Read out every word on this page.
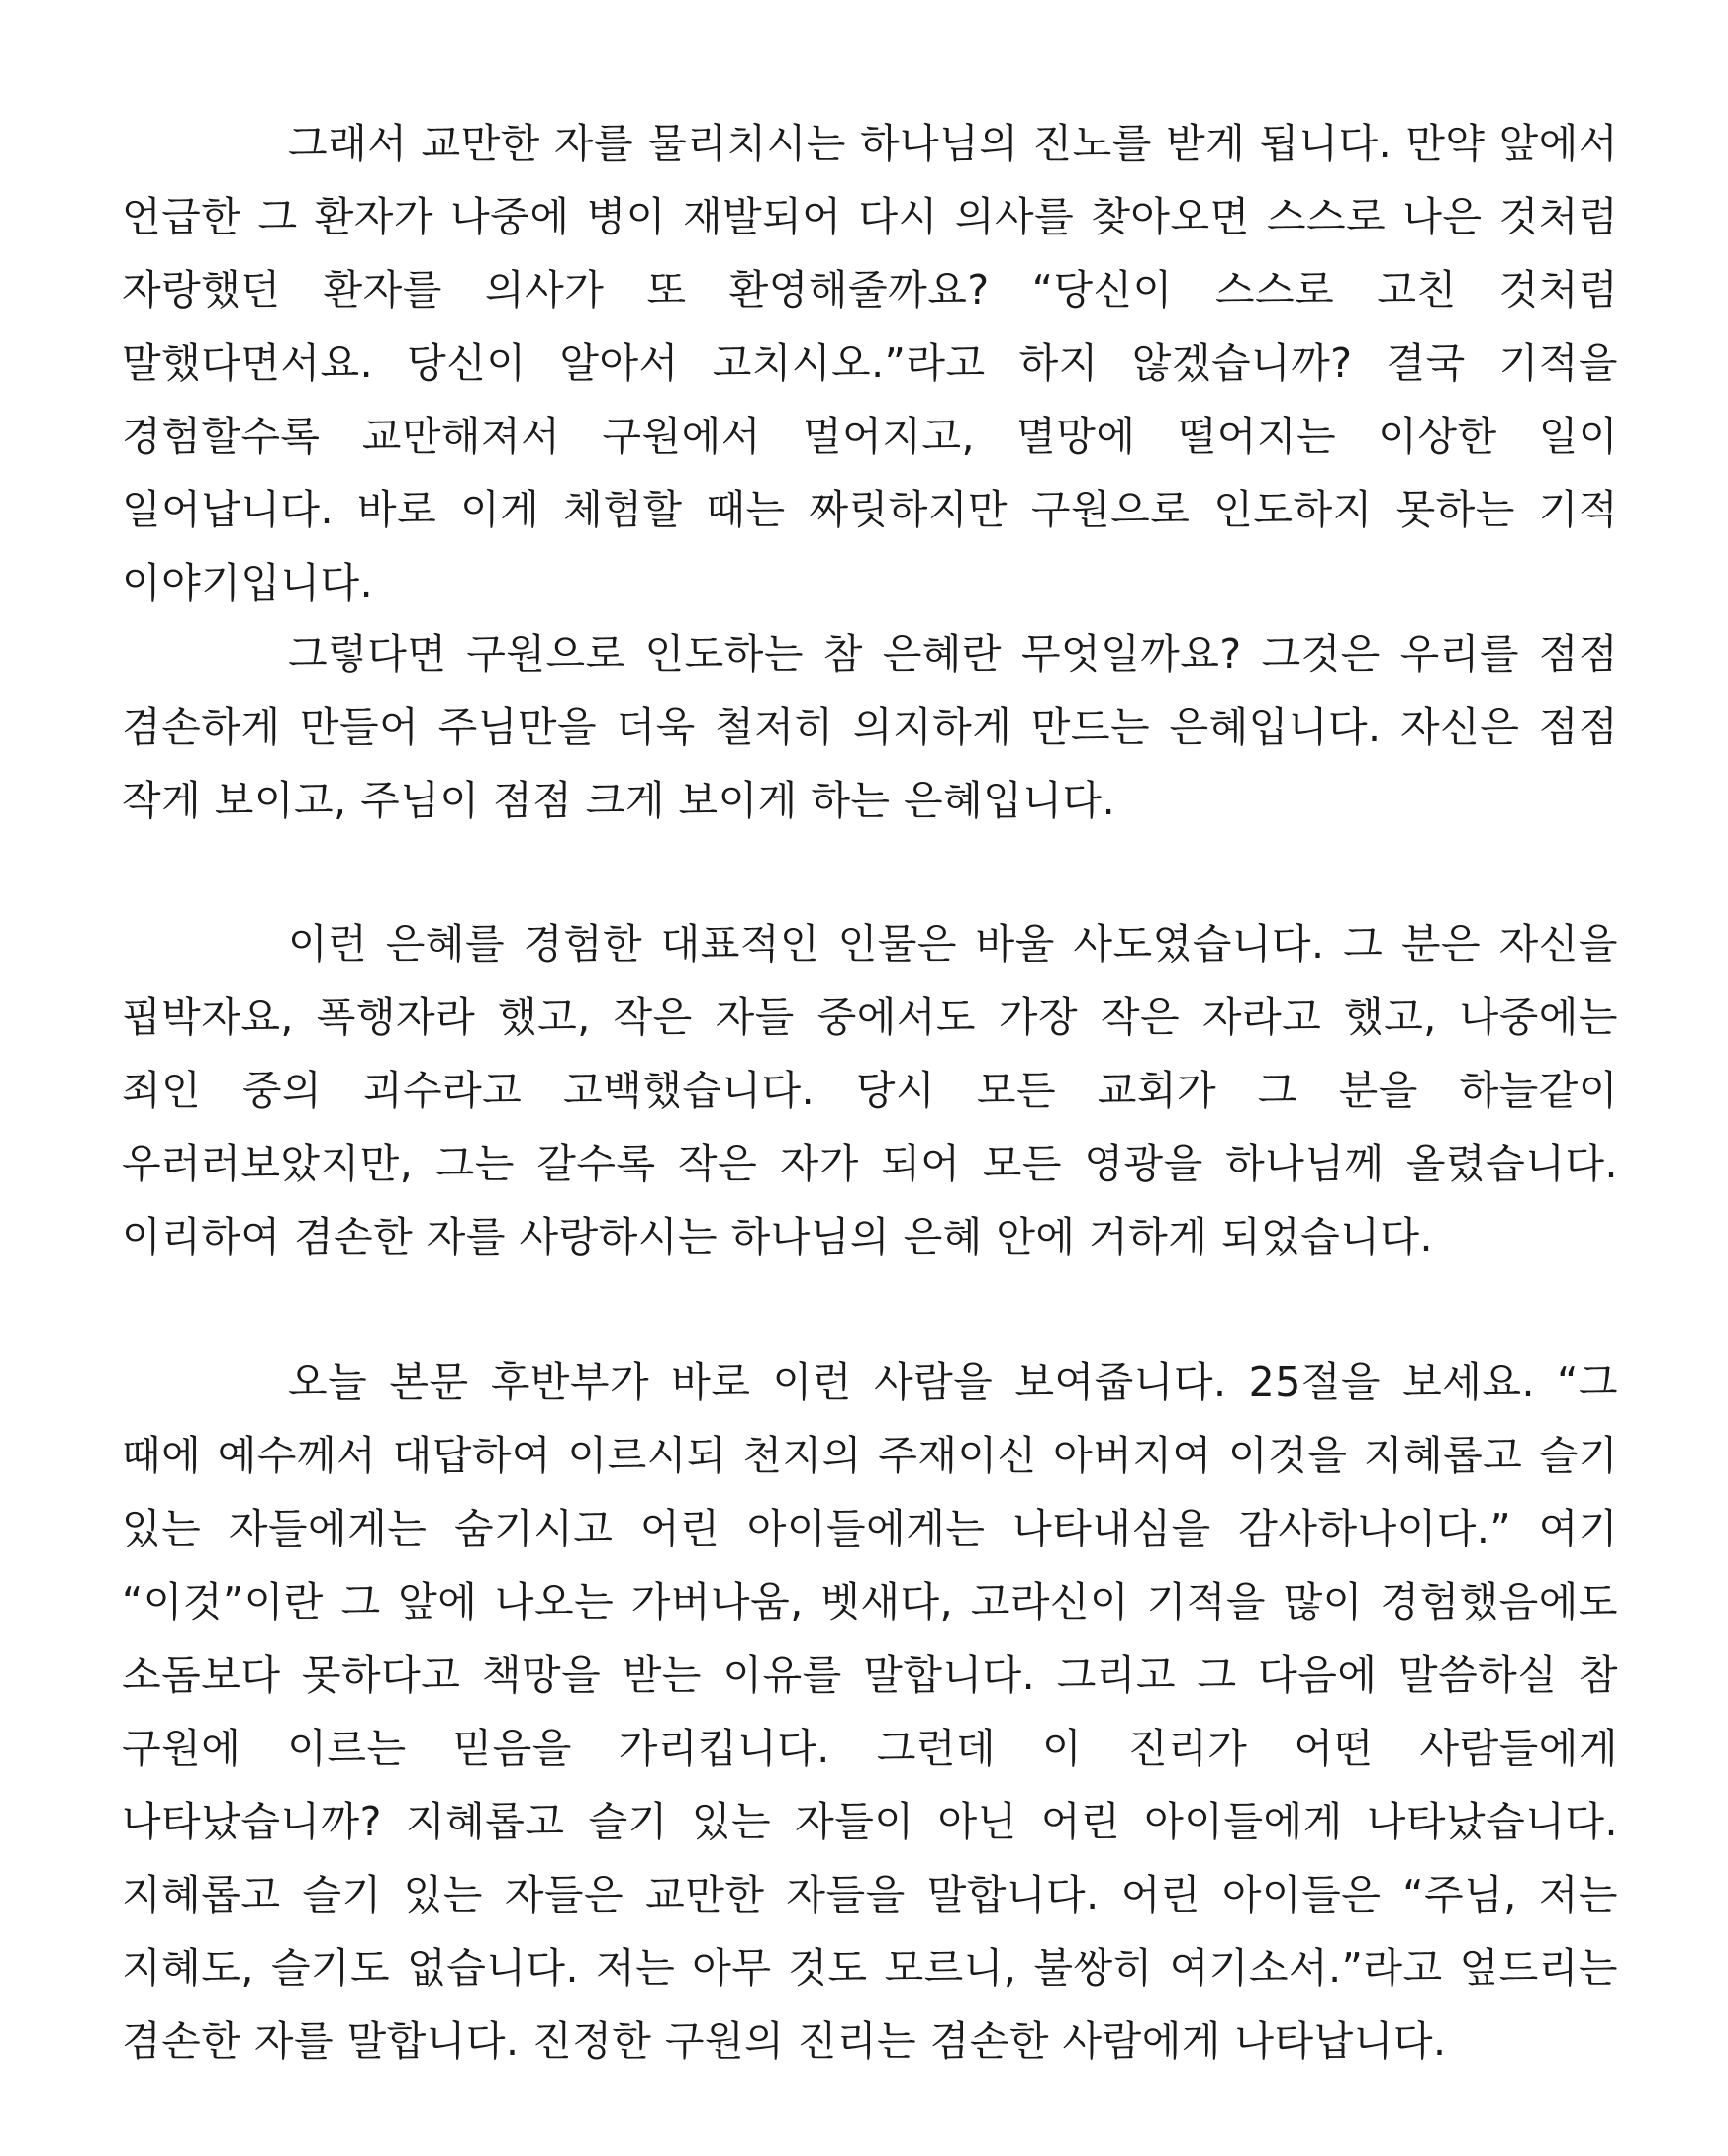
그래서 교만한 자를 물리치시는 하나님의 진노를 받게 됩니다. 만약 앞에서 언급한 그 환자가 나중에 병이 재발되어 다시 의사를 찾아오면 스스로 나은 것처럼 자랑했던 환자를 의사가 또 환영해줄까요? “당신이 스스로 고친 것처럼 말했다면서요. 당신이 알아서 고치시오.”라고 하지 않겠습니까? 결국 기적을 경험할수록 교만해져서 구원에서 멀어지고, 멸망에 떨어지는 이상한 일이 일어납니다. 바로 이게 체험할 때는 짜릿하지만 구원으로 인도하지 못하는 기적 이야기입니다.

그렇다면 구원으로 인도하는 참 은혜란 무엇일까요? 그것은 우리를 점점 겸손하게 만들어 주님만을 더욱 철저히 의지하게 만드는 은혜입니다. 자신은 점점 작게 보이고, 주님이 점점 크게 보이게 하는 은혜입니다.

이런 은혜를 경험한 대표적인 인물은 바울 사도였습니다. 그 분은 자신을 핍박자요, 폭행자라 했고, 작은 자들 중에서도 가장 작은 자라고 했고, 나중에는 죄인 중의 괴수라고 고백했습니다. 당시 모든 교회가 그 분을 하늘같이 우러러보았지만, 그는 갈수록 작은 자가 되어 모든 영광을 하나님께 올렸습니다. 이리하여 겸손한 자를 사랑하시는 하나님의 은혜 안에 거하게 되었습니다.

오늘 본문 후반부가 바로 이런 사람을 보여줍니다. 25절을 보세요. “그 때에 예수께서 대답하여 이르시되 천지의 주재이신 아버지여 이것을 지혜롭고 슬기 있는 자들에게는 숨기시고 어린 아이들에게는 나타내심을 감사하나이다.” 여기 “이것”이란 그 앞에 나오는 가버나움, 벳새다, 고라신이 기적을 많이 경험했음에도 소돔보다 못하다고 책망을 받는 이유를 말합니다. 그리고 그 다음에 말씀하실 참 구원에 이르는 믿음을 가리킵니다. 그런데 이 진리가 어떤 사람들에게 나타났습니까? 지혜롭고 슬기 있는 자들이 아닌 어린 아이들에게 나타났습니다. 지혜롭고 슬기 있는 자들은 교만한 자들을 말합니다. 어린 아이들은 “주님, 저는 지혜도, 슬기도 없습니다. 저는 아무 것도 모르니, 불쌍히 여기소서.”라고 엎드리는 겸손한 자를 말합니다. 진정한 구원의 진리는 겸손한 사람에게 나타납니다.
